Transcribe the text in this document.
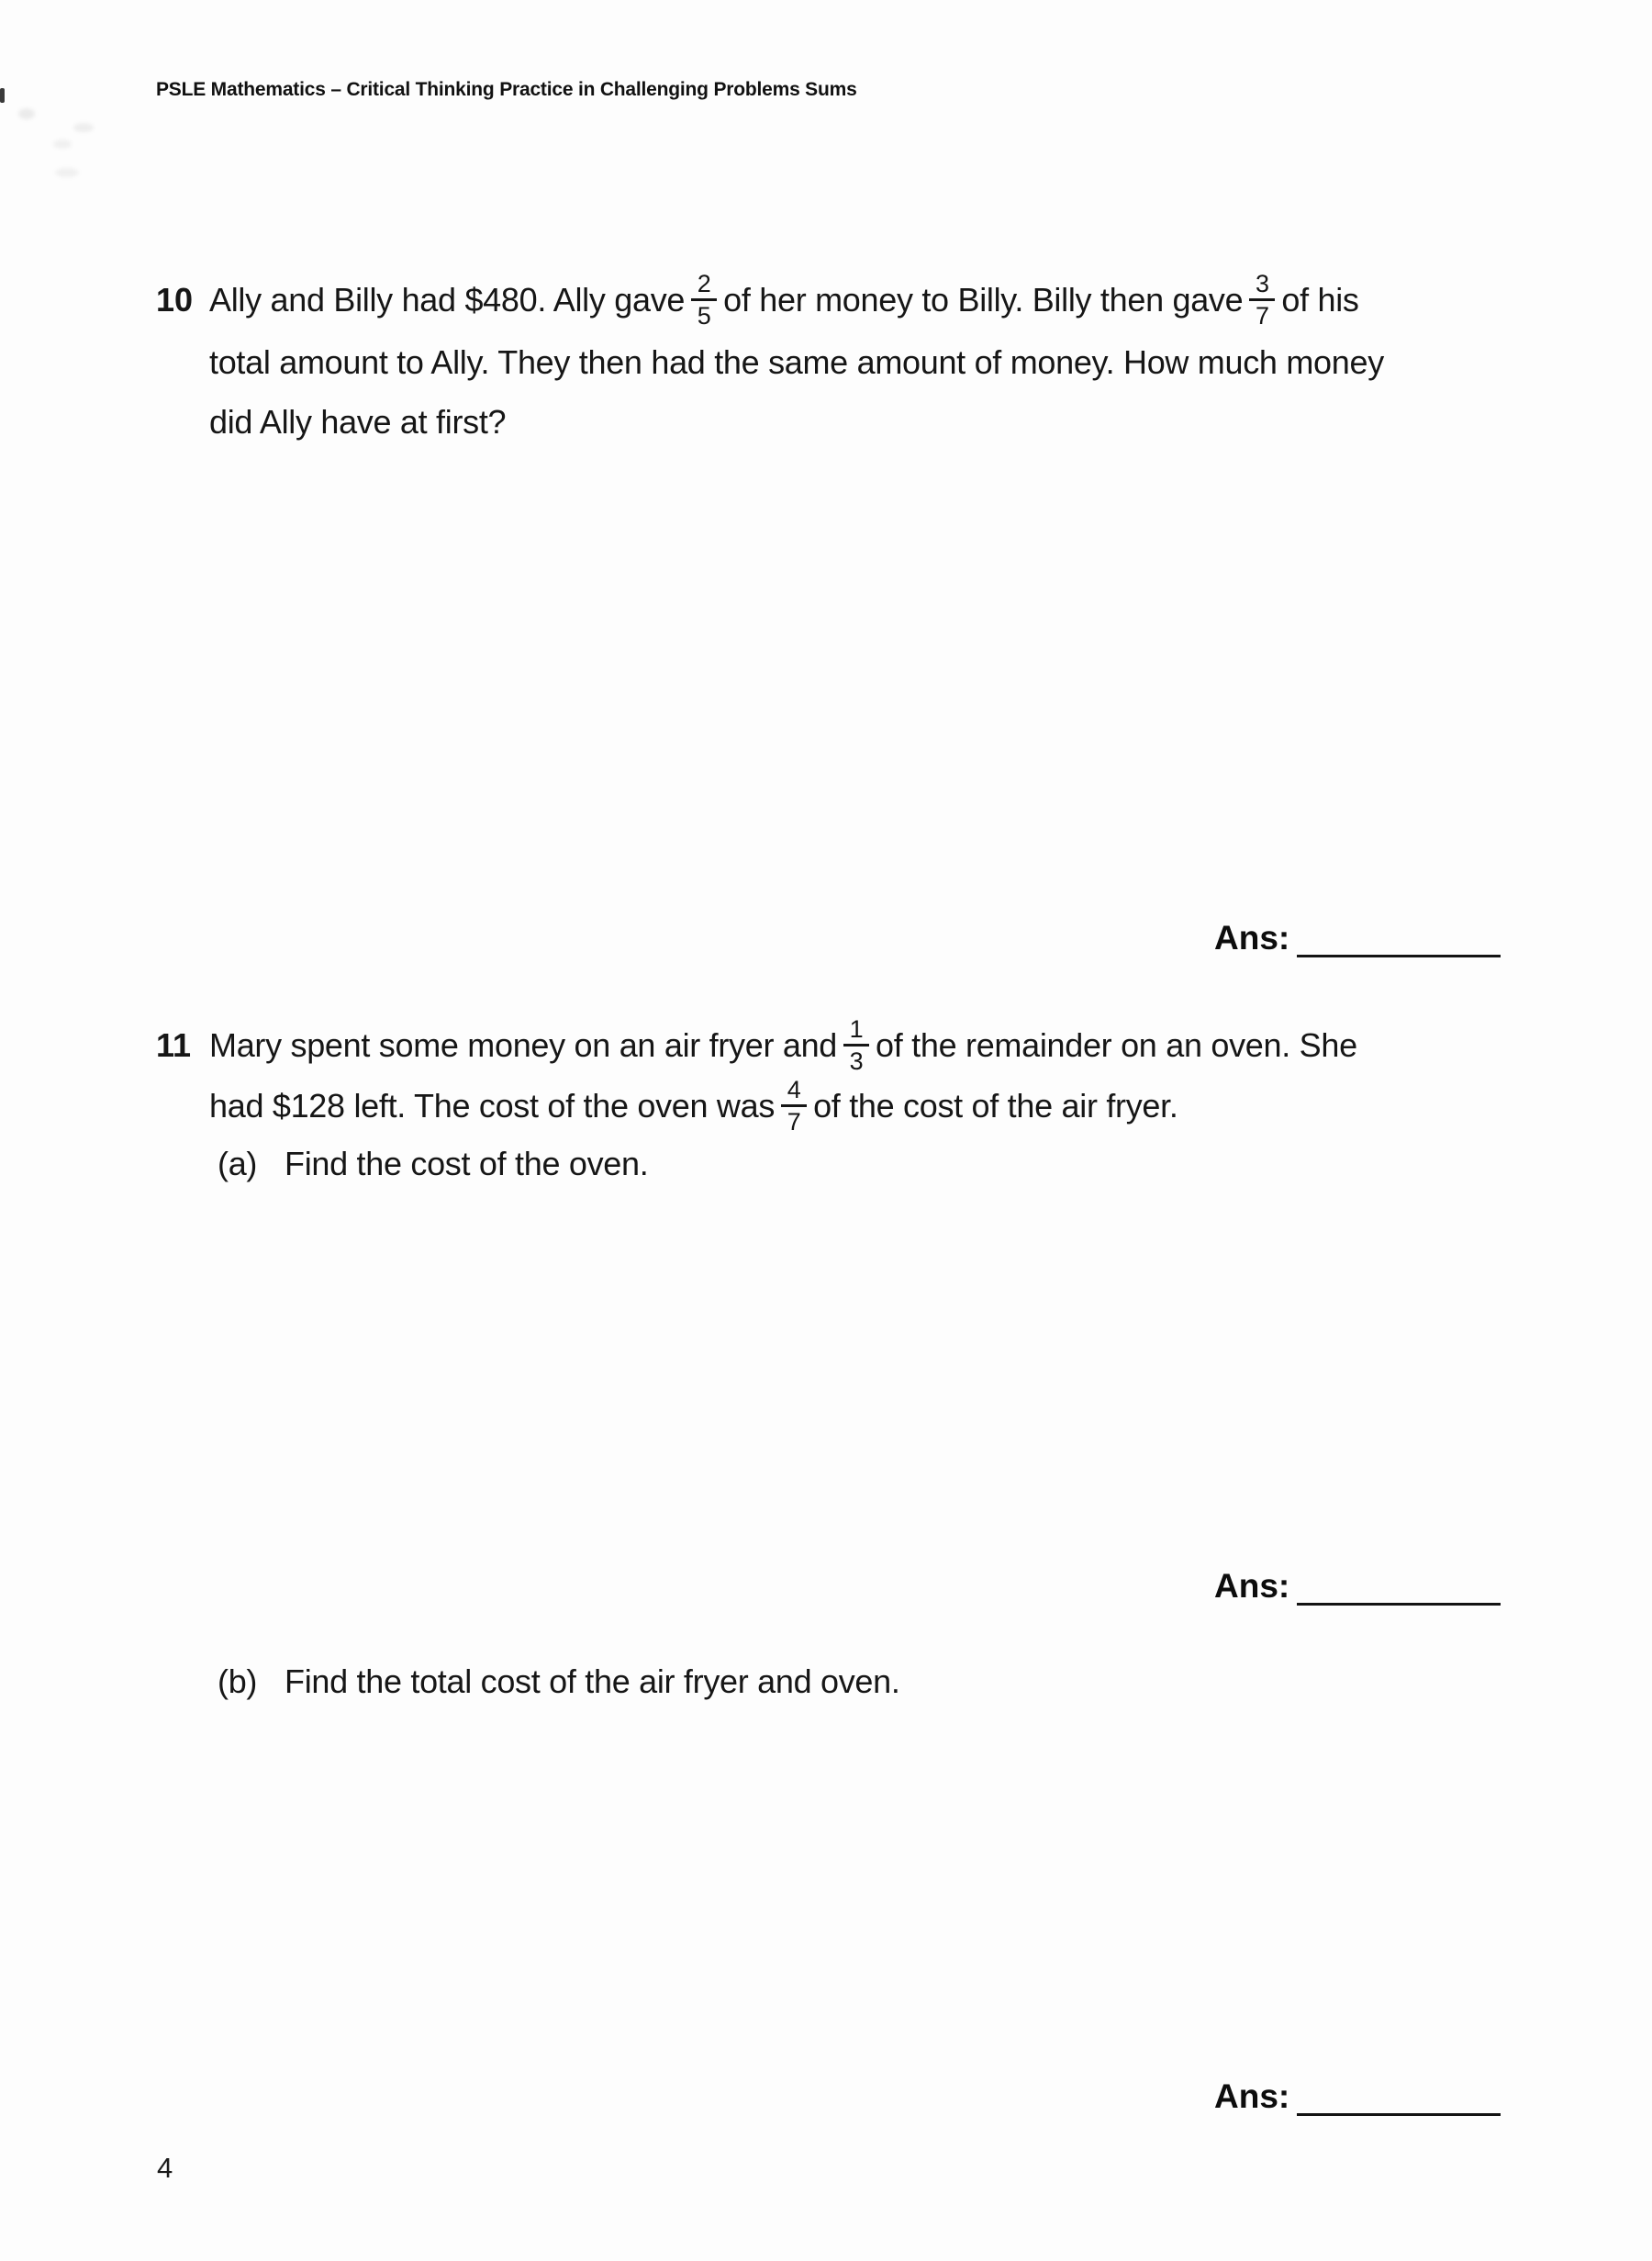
PSLE Mathematics – Critical Thinking Practice in Challenging Problems Sums
10 Ally and Billy had $480. Ally gave $\frac{2}{5}$ of her money to Billy. Billy then gave $\frac{3}{7}$ of his
total amount to Ally. They then had the same amount of money. How much money
did Ally have at first?
Ans:
11 Mary spent some money on an air fryer and $\frac{1}{3}$ of the remainder on an oven. She
had $128 left. The cost of the oven was $\frac{4}{7}$ of the cost of the air fryer.
(a) Find the cost of the oven.
Ans:
(b) Find the total cost of the air fryer and oven.
Ans:
4
